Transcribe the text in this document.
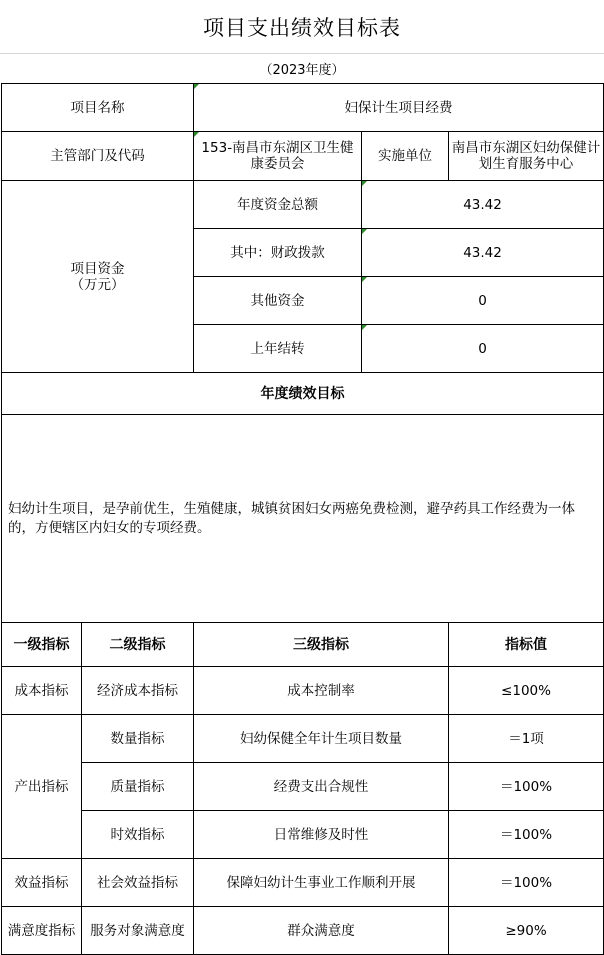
项目支出绩效目标表
（2023年度）
项目名称		妇保计生项目经费		
主管部门及代码		153-南昌市东湖区卫生健康委员会	实施单位	南昌市东湖区妇幼保健计划生育服务中心
项目资金
（万元）		年度资金总额	43.42	
		其中：财政拨款	43.42	
		其他资金	0	
		上年结转	0	
年度绩效目标				
妇幼计生项目，是孕前优生，生殖健康，城镇贫困妇女两癌免费检测，避孕药具工作经费为一体的，方便辖区内妇女的专项经费。				
一级指标	二级指标	三级指标		指标值
成本指标	经济成本指标	成本控制率		≤100%
产出指标	数量指标	妇幼保健全年计生项目数量		＝1项
	质量指标	经费支出合规性		＝100%
	时效指标	日常维修及时性		＝100%
效益指标	社会效益指标	保障妇幼计生事业工作顺利开展		＝100%
满意度指标	服务对象满意度	群众满意度		≥90%
